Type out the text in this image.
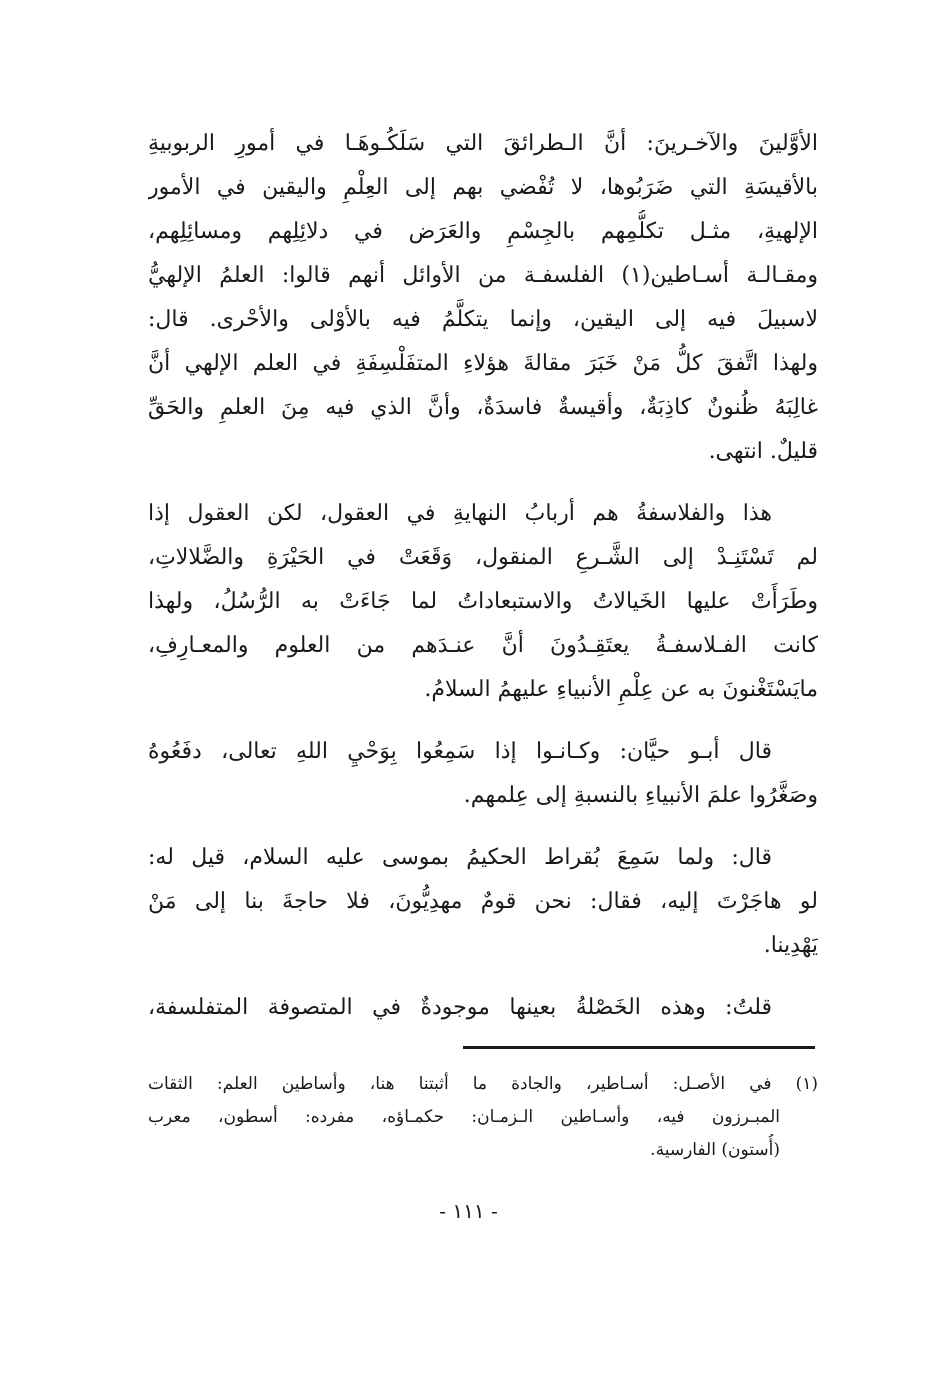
الأوَّلينَ والآخـرينَ: أنَّ الـطرائقَ التي سَلَكُـوهَـا في أمورِ الربوبيةِ
بالأقيسَةِ التي ضَرَبُوها، لا تُفْضي بهم إلى العِلْمِ واليقين في الأمور
الإلهيةِ، مثـل تكلُّمِهم بالجِسْمِ والعَرَض في دلائِلِهم ومسائِلِهم،
ومقـالـة أسـاطين(١) الفلسفـة من الأوائل أنهم قالوا: العلمُ الإلهيُّ
لاسبيلَ فيه إلى اليقين، وإنما يتكلَّمُ فيه بالأوْلى والأحْرى. قال:
ولهذا اتَّفقَ كلُّ مَنْ خَبَرَ مقالةَ هؤلاءِ المتفَلْسِفَةِ في العلم الإلهي أنَّ
غالِبَهُ ظُنونٌ كاذِبَةٌ، وأقيسةٌ فاسدَةٌ، وأنَّ الذي فيه مِنَ العلمِ والحَقِّ
قليلٌ. انتهى.

هذا والفلاسفةُ هم أربابُ النهايةِ في العقول، لكن العقول إذا
لم تَسْتَنِـدْ إلى الشَّـرعِ المنقول، وَقَعَتْ في الحَيْرَةِ والضَّلالاتِ،
وطَرَأَتْ عليها الخَيالاتُ والاستبعاداتُ لما جَاءَتْ به الرُّسُلُ، ولهذا
كانت الفـلاسفـةُ يعتَقِـدُونَ أنَّ عنـدَهم من العلوم والمعـارِفِ،
مايَسْتَغْنونَ به عن عِلْمِ الأنبياءِ عليهمُ السلامُ.

قال أبـو حيَّان: وكـانـوا إذا سَمِعُوا بِوَحْيِ اللهِ تعالى، دفَعُوهُ
وصَغَّرُوا علمَ الأنبياءِ بالنسبةِ إلى عِلمهم.

قال: ولما سَمِعَ بُقراط الحكيمُ بموسى عليه السلام، قيل له:
لو هاجَرْتَ إليه، فقال: نحن قومٌ مهدِيُّونَ، فلا حاجةَ بنا إلى مَنْ
يَهْدِينا.

قلتُ: وهذه الخَصْلةُ بعينها موجودةٌ في المتصوفة المتفلسفة،

(١) في الأصـل: أسـاطير، والجادة ما أثبتنا هنا، وأساطين العلم: الثقات
المبـرزون فيه، وأسـاطين الـزمـان: حكمـاؤه، مفرده: أسطون، معرب
(أُستون) الفارسية.
- ١١١ -
